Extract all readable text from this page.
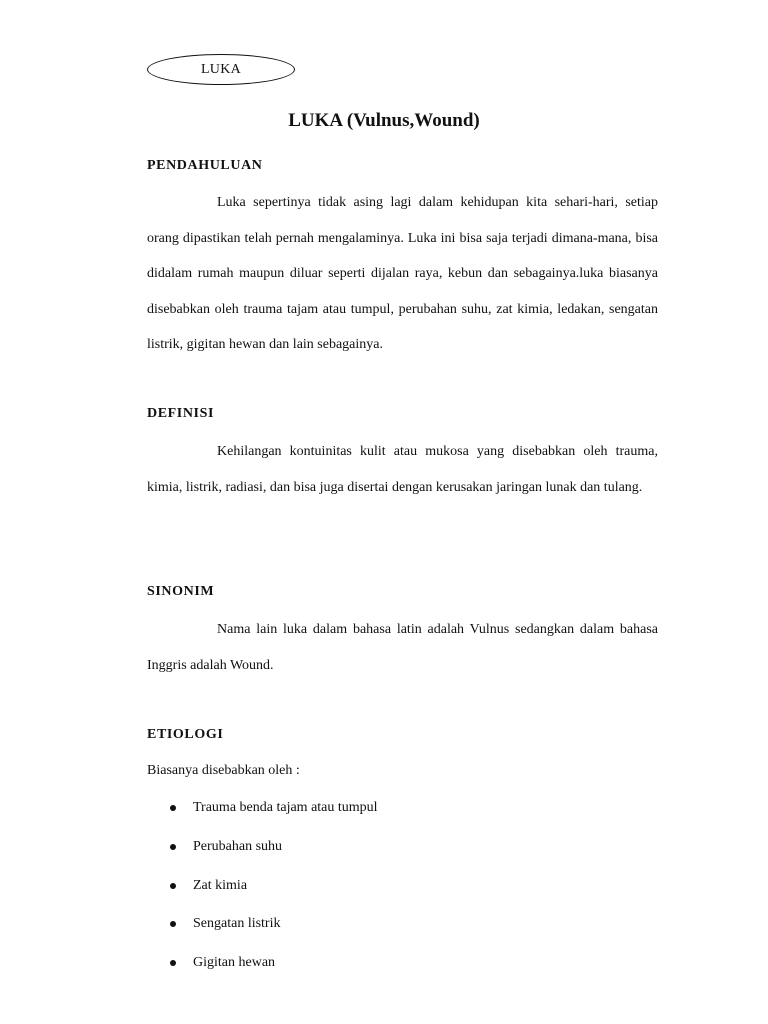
LUKA
LUKA (Vulnus,Wound)
PENDAHULUAN

Luka sepertinya tidak asing lagi dalam kehidupan kita sehari-hari, setiap orang dipastikan telah pernah mengalaminya. Luka ini bisa saja terjadi dimana-mana, bisa didalam rumah maupun diluar seperti dijalan raya, kebun dan sebagainya.luka biasanya disebabkan oleh trauma tajam atau tumpul, perubahan suhu, zat kimia, ledakan, sengatan listrik, gigitan hewan dan lain sebagainya.

DEFINISI

Kehilangan kontuinitas kulit atau mukosa yang disebabkan oleh trauma, kimia, listrik, radiasi, dan bisa juga disertai dengan kerusakan jaringan lunak dan tulang.

SINONIM

Nama lain luka dalam bahasa latin adalah Vulnus sedangkan dalam bahasa Inggris adalah Wound.

ETIOLOGI
Biasanya disebabkan oleh :
Trauma benda tajam atau tumpul
Perubahan suhu
Zat kimia
Sengatan listrik
Gigitan hewan
